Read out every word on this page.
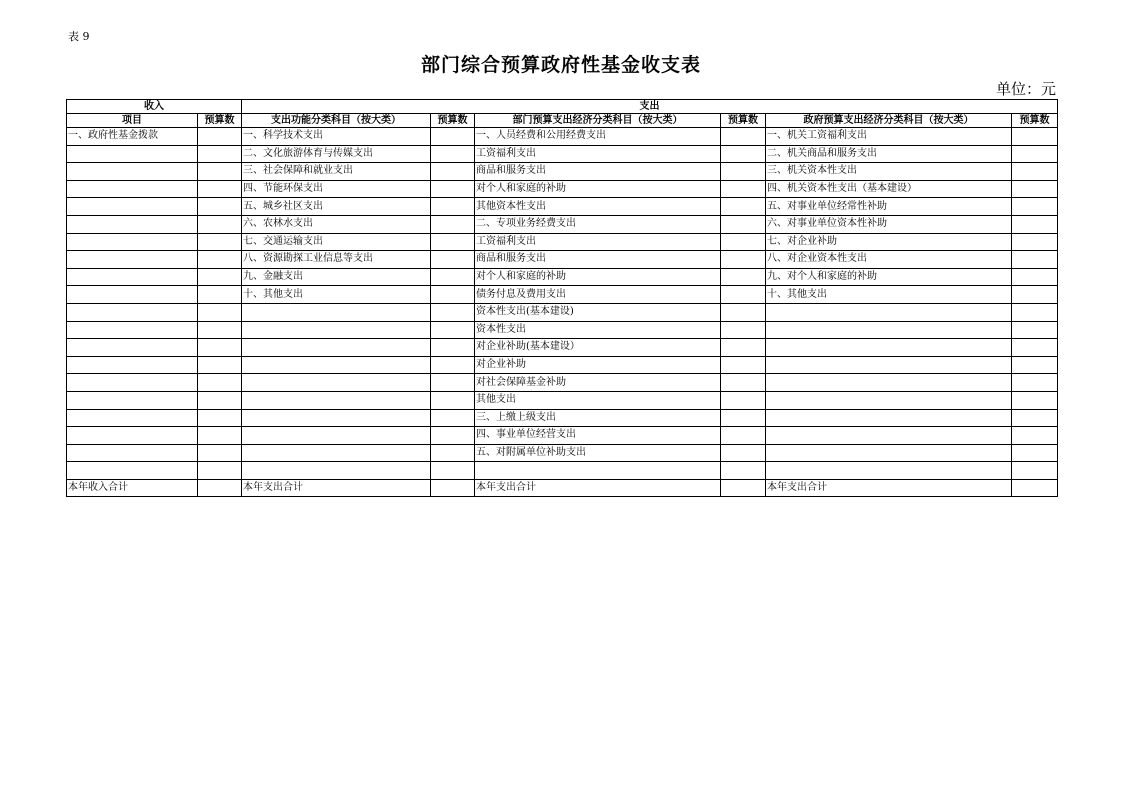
表 9
部门综合预算政府性基金收支表
单位：元
收入		支出					
项目	预算数	支出功能分类科目（按大类）	预算数	部门预算支出经济分类科目（按大类）	预算数	政府预算支出经济分类科目（按大类）	预算数
一、政府性基金拨款		一、科学技术支出		一、人员经费和公用经费支出		一、机关工资福利支出	
		二、文化旅游体育与传媒支出		工资福利支出		二、机关商品和服务支出	
		三、社会保障和就业支出		商品和服务支出		三、机关资本性支出	
		四、节能环保支出		对个人和家庭的补助		四、机关资本性支出（基本建设）	
		五、城乡社区支出		其他资本性支出		五、对事业单位经常性补助	
		六、农林水支出		二、专项业务经费支出		六、对事业单位资本性补助	
		七、交通运输支出		工资福利支出		七、对企业补助	
		八、资源勘探工业信息等支出		商品和服务支出		八、对企业资本性支出	
		九、金融支出		对个人和家庭的补助		九、对个人和家庭的补助	
		十、其他支出		债务付息及费用支出		十、其他支出	
				资本性支出(基本建设)			
				资本性支出			
				对企业补助(基本建设）			
				对企业补助			
				对社会保障基金补助			
				其他支出			
				三、上缴上级支出			
				四、事业单位经营支出			
				五、对附属单位补助支出			

本年收入合计		本年支出合计		本年支出合计		本年支出合计	
